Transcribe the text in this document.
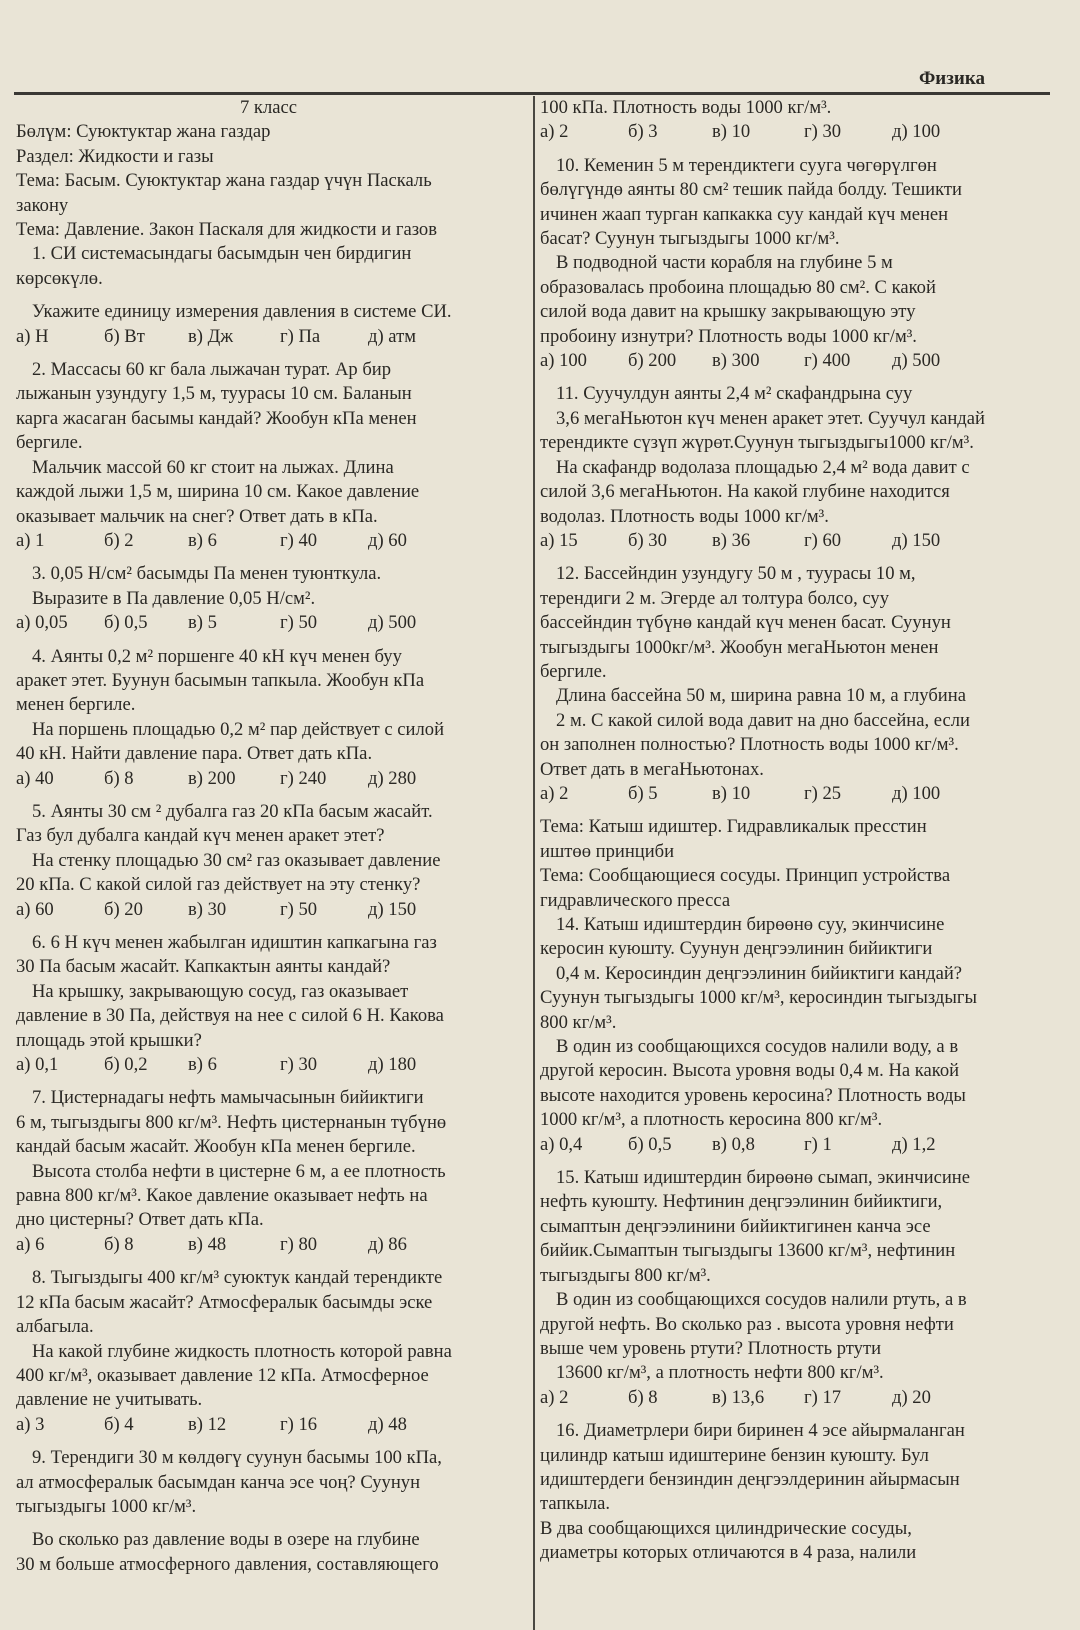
Физика

7 класс

Бөлүм: Суюктуктар жана газдар

Раздел: Жидкости и газы

Тема: Басым. Суюктуктар жана газдар үчүн Паскаль

закону

Тема: Давление. Закон Паскаля для жидкости и газов

1. СИ системасындагы басымдын чен бирдигин

көрсөкүлө.

Укажите единицу измерения давления в системе СИ.

а) Н	б) Вт	в) Дж	г) Па	д) атм

2. Массасы 60 кг бала лыжачан турат. Ар бир

лыжанын узундугу 1,5 м, туурасы 10 см. Баланын

карга жасаган басымы кандай? Жообун кПа менен

бергиле.

Мальчик массой 60 кг стоит на лыжах. Длина

каждой лыжи 1,5 м, ширина 10 см. Какое давление

оказывает мальчик на снег? Ответ дать в кПа.

а) 1	б) 2	в) 6	г) 40	д) 60

3. 0,05 Н/см² басымды Па менен туюнткула.

Выразите в Па давление 0,05 Н/см².

а) 0,05	б) 0,5	в) 5	г) 50	д) 500

4. Аянты 0,2 м² поршенге 40 кН күч менен буу

аракет этет. Буунун басымын тапкыла. Жообун кПа

менен бергиле.

На поршень площадью 0,2 м² пар действует с силой

40 кН. Найти давление пара. Ответ дать кПа.

а) 40	б) 8	в) 200	г) 240	д) 280

5. Аянты 30 см ² дубалга газ 20 кПа басым жасайт.

Газ бул дубалга кандай күч менен аракет этет?

На стенку площадью 30 см² газ оказывает давление

20 кПа. С какой силой газ действует на эту стенку?

а) 60	б) 20	в) 30	г) 50	д) 150

6. 6 Н күч менен жабылган идиштин капкагына газ

30 Па басым жасайт. Капкактын аянты кандай?

На крышку, закрывающую сосуд, газ оказывает

давление в 30 Па, действуя на нее с силой 6 Н. Какова

площадь этой крышки?

а) 0,1	б) 0,2	в) 6	г) 30	д) 180

7. Цистернадагы нефть мамычасынын бийиктиги

6 м, тыгыздыгы 800 кг/м³. Нефть цистернанын түбүнө

кандай басым жасайт. Жообун кПа менен бергиле.

Высота столба нефти в цистерне 6 м, а ее плотность

равна 800 кг/м³. Какое давление оказывает нефть на

дно цистерны? Ответ дать кПа.

а) 6	б) 8	в) 48	г) 80	д) 86

8. Тыгыздыгы 400 кг/м³ суюктук кандай терендикте

12 кПа басым жасайт? Атмосфералык басымды эске

албагыла.

На какой глубине жидкость плотность которой равна

400 кг/м³, оказывает давление 12 кПа. Атмосферное

давление не учитывать.

а) 3	б) 4	в) 12	г) 16	д) 48

9. Терендиги 30 м көлдөгү суунун басымы 100 кПа,

ал атмосфералык басымдан канча эсе чоң? Суунун

тыгыздыгы 1000 кг/м³.

Во сколько раз давление воды в озере на глубине

30 м больше атмосферного давления, составляющего

100 кПа. Плотность воды 1000 кг/м³.

а) 2	б) 3	в) 10	г) 30	д) 100

10. Кеменин 5 м терендиктеги сууга чөгөрүлгөн

бөлүгүндө аянты 80 см² тешик пайда болду. Тешикти

ичинен жаап турган капкакка суу кандай күч менен

басат? Суунун тыгыздыгы 1000 кг/м³.

В подводной части корабля на глубине 5 м

образовалась пробоина площадью 80 см². С какой

силой вода давит на крышку закрывающую эту

пробоину изнутри? Плотность воды 1000 кг/м³.

а) 100	б) 200	в) 300	г) 400	д) 500

11. Суучулдун аянты 2,4 м² скафандрына суу

3,6 мегаНьютон күч менен аракет этет. Суучул кандай

терендикте сүзүп жүрөт.Суунун тыгыздыгы1000 кг/м³.

На скафандр водолаза площадью 2,4 м² вода давит с

силой 3,6 мегаНьютон. На какой глубине находится

водолаз. Плотность воды 1000 кг/м³.

а) 15	б) 30	в) 36	г) 60	д) 150

12. Бассейндин узундугу 50 м , туурасы 10 м,

терендиги 2 м. Эгерде ал толтура болсо, суу

бассейндин түбүнө кандай күч менен басат. Суунун

тыгыздыгы 1000кг/м³. Жообун мегаНьютон менен

бергиле.

Длина бассейна 50 м, ширина равна 10 м, а глубина

2 м. С какой силой вода давит на дно бассейна, если

он заполнен полностью? Плотность воды 1000 кг/м³.

Ответ дать в мегаНьютонах.

а) 2	б) 5	в) 10	г) 25	д) 100

Тема: Катыш идиштер. Гидравликалык пресстин

иштөө принциби

Тема: Сообщающиеся сосуды. Принцип устройства

гидравлического пресса

14. Катыш идиштердин бирөөнө суу, экинчисине

керосин куюшту. Суунун деңгээлинин бийиктиги

0,4 м. Керосиндин деңгээлинин бийиктиги кандай?

Суунун тыгыздыгы 1000 кг/м³, керосиндин тыгыздыгы

800 кг/м³.

В один из сообщающихся сосудов налили воду, а в

другой керосин. Высота уровня воды 0,4 м. На какой

высоте находится уровень керосина? Плотность воды

1000 кг/м³, а плотность керосина 800 кг/м³.

а) 0,4	б) 0,5	в) 0,8	г) 1	д) 1,2

15. Катыш идиштердин бирөөнө сымап, экинчисине

нефть куюшту. Нефтинин деңгээлинин бийиктиги,

сымаптын деңгээлинини бийиктигинен канча эсе

бийик.Сымаптын тыгыздыгы 13600 кг/м³, нефтинин

тыгыздыгы 800 кг/м³.

В один из сообщающихся сосудов налили ртуть, а в

другой нефть. Во сколько раз . высота уровня нефти

выше чем уровень ртути? Плотность ртути

13600 кг/м³, а плотность нефти 800 кг/м³.

а) 2	б) 8	в) 13,6	г) 17	д) 20

16. Диаметрлери бири биринен 4 эсе айырмаланган

цилиндр катыш идиштерине бензин куюшту. Бул

идиштердеги бензиндин деңгээлдеринин айырмасын

тапкыла.

В два сообщающихся цилиндрические сосуды,

диаметры которых отличаются в 4 раза, налили
